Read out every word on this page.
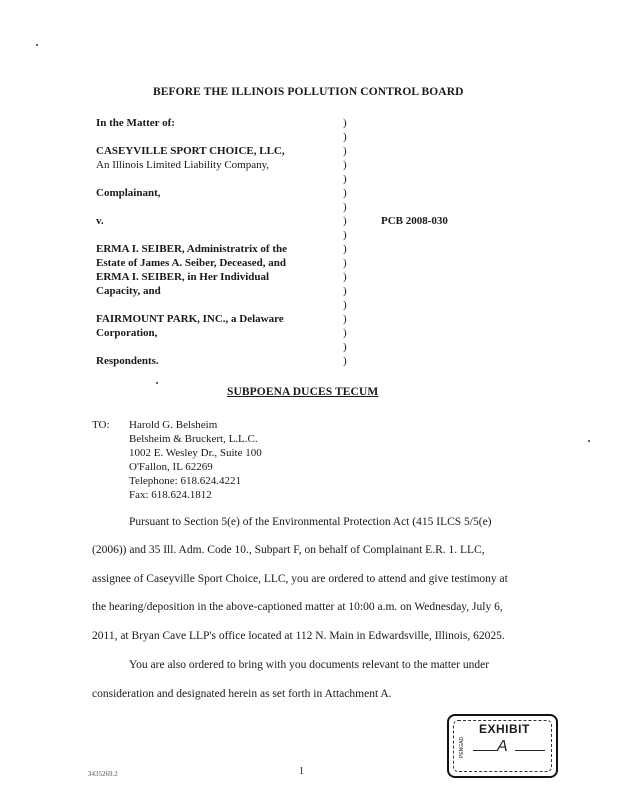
BEFORE THE ILLINOIS POLLUTION CONTROL BOARD
In the Matter of:
CASEYVILLE SPORT CHOICE, LLC,
An Illinois Limited Liability Company,
Complainant,
v.
ERMA I. SEIBER, Administratrix of the
Estate of James A. Seiber, Deceased, and
ERMA I. SEIBER, in Her Individual
Capacity, and
FAIRMOUNT PARK, INC., a Delaware
Corporation,
Respondents.
)
)
)
)
)
)
)
)
)
)
)
)
)
)
)
)
)
)
PCB 2008-030
SUBPOENA DUCES TECUM
TO: Harold G. Belsheim
Belsheim & Bruckert, L.L.C.
1002 E. Wesley Dr., Suite 100
O'Fallon, IL 62269
Telephone: 618.624.4221
Fax: 618.624.1812
Pursuant to Section 5(e) of the Environmental Protection Act (415 ILCS 5/5(e)
(2006)) and 35 Ill. Adm. Code 10., Subpart F, on behalf of Complainant E.R. 1. LLC,
assignee of Caseyville Sport Choice, LLC, you are ordered to attend and give testimony at
the hearing/deposition in the above-captioned matter at 10:00 a.m. on Wednesday, July 6,
2011, at Bryan Cave LLP's office located at 112 N. Main in Edwardsville, Illinois, 62025.
You are also ordered to bring with you documents relevant to the matter under
consideration and designated herein as set forth in Attachment A.
EXHIBIT
PENGAD A
3435269.2	1
